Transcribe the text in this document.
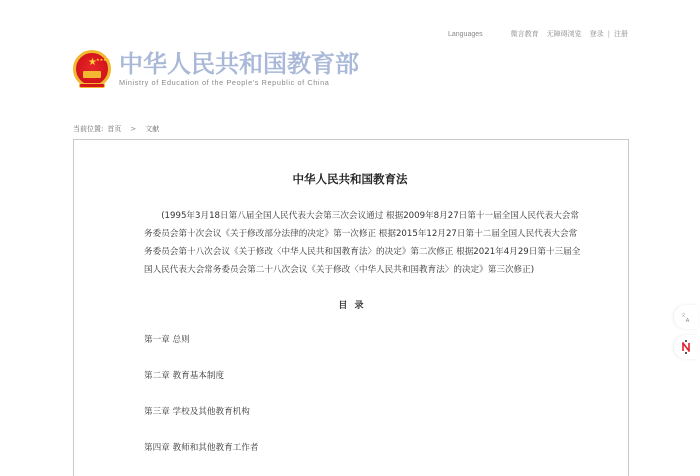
Languages	微言教育 无障碍浏览 登录 | 注册
★ ★★★★ 中华人民共和国教育部
Ministry of Education of the People's Republic of China
当前位置: 首页 > 文献
中华人民共和国教育法

(1995年3月18日第八届全国人民代表大会第三次会议通过 根据2009年8月27日第十一届全国人民代表大会常务委员会第十次会议《关于修改部分法律的决定》第一次修正 根据2015年12月27日第十二届全国人民代表大会常务委员会第十八次会议《关于修改〈中华人民共和国教育法〉的决定》第二次修正 根据2021年4月29日第十三届全国人民代表大会常务委员会第二十八次会议《关于修改〈中华人民共和国教育法〉的决定》第三次修正)

目 录
第一章 总则
第二章 教育基本制度
第三章 学校及其他教育机构
第四章 教师和其他教育工作者
文
A
